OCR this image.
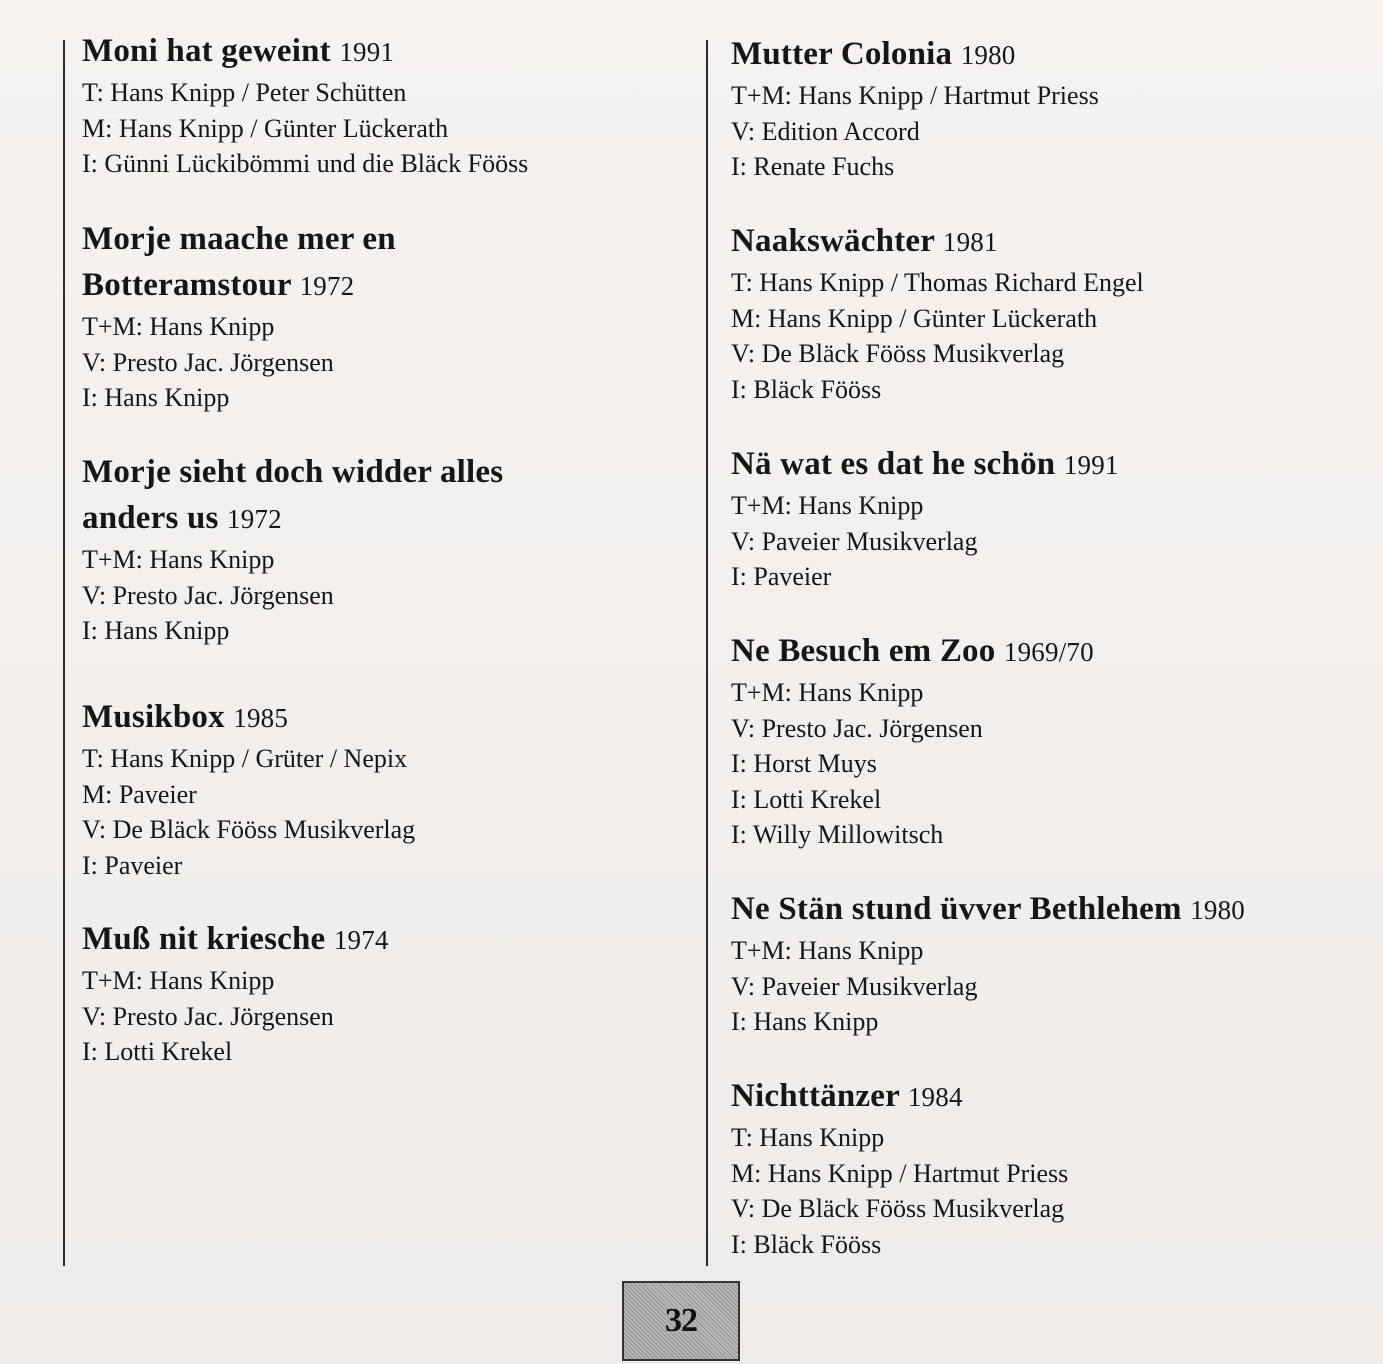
Moni hat geweint 1991

T: Hans Knipp / Peter Schütten

M: Hans Knipp / Günter Lückerath

I: Günni Lückibömmi und die Bläck Fööss

Morje maache mer en

Botteramstour 1972

T+M: Hans Knipp

V: Presto Jac. Jörgensen

I: Hans Knipp

Morje sieht doch widder alles

anders us 1972

T+M: Hans Knipp

V: Presto Jac. Jörgensen

I: Hans Knipp

Musikbox 1985

T: Hans Knipp / Grüter / Nepix

M: Paveier

V: De Bläck Fööss Musikverlag

I: Paveier

Muß nit kriesche 1974

T+M: Hans Knipp

V: Presto Jac. Jörgensen

I: Lotti Krekel

Mutter Colonia 1980

T+M: Hans Knipp / Hartmut Priess

V: Edition Accord

I: Renate Fuchs

Naakswächter 1981

T: Hans Knipp / Thomas Richard Engel

M: Hans Knipp / Günter Lückerath

V: De Bläck Fööss Musikverlag

I: Bläck Fööss

Nä wat es dat he schön 1991

T+M: Hans Knipp

V: Paveier Musikverlag

I: Paveier

Ne Besuch em Zoo 1969/70

T+M: Hans Knipp

V: Presto Jac. Jörgensen

I: Horst Muys

I: Lotti Krekel

I: Willy Millowitsch

Ne Stän stund üvver Bethlehem 1980

T+M: Hans Knipp

V: Paveier Musikverlag

I: Hans Knipp

Nichttänzer 1984

T: Hans Knipp

M: Hans Knipp / Hartmut Priess

V: De Bläck Fööss Musikverlag

I: Bläck Fööss

32
